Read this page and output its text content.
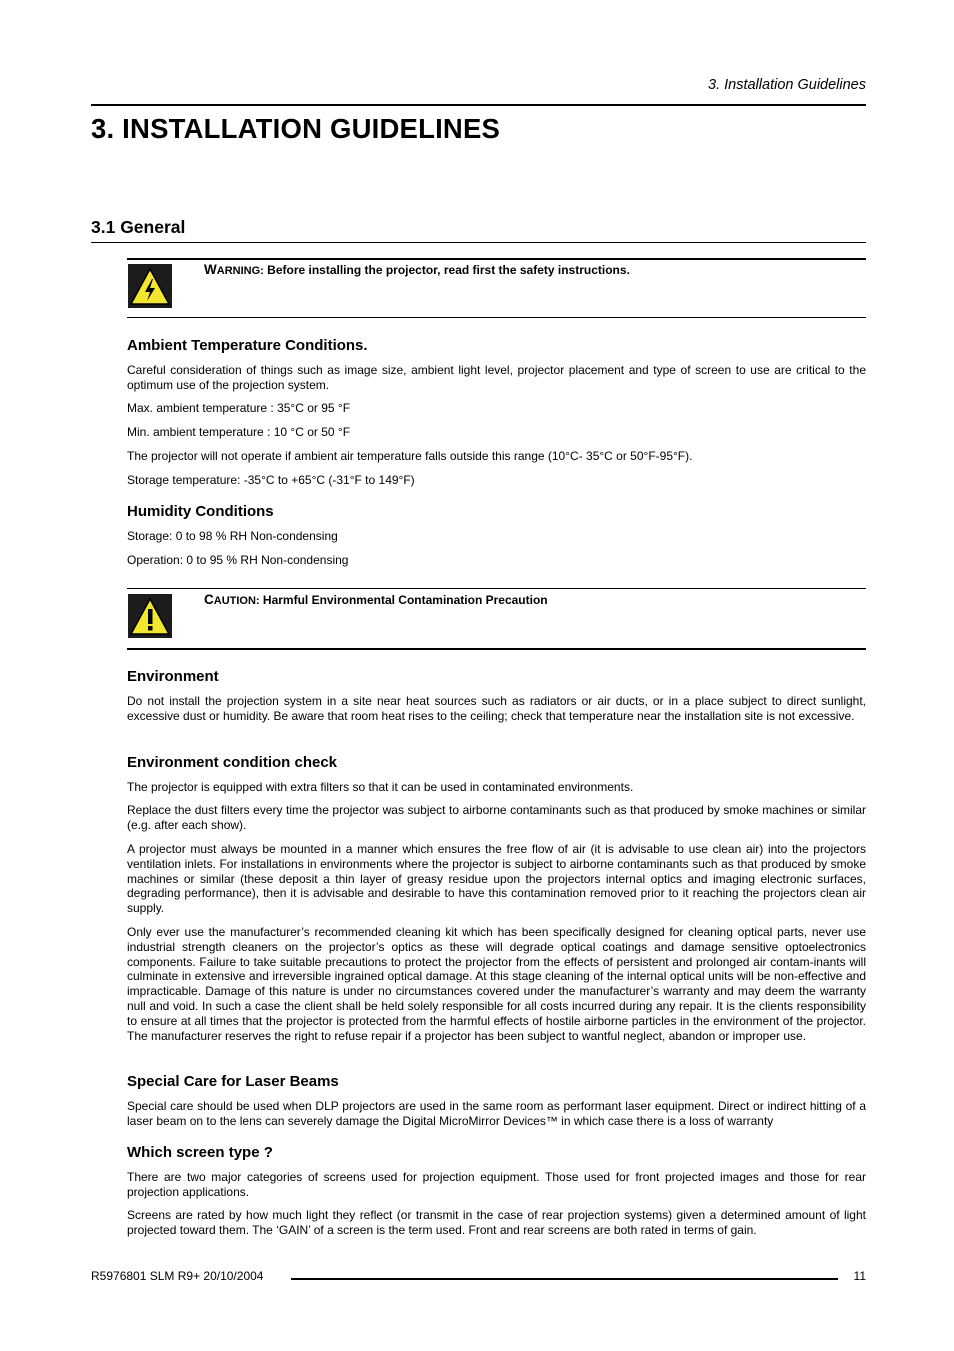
3. Installation Guidelines
3. INSTALLATION GUIDELINES
3.1 General
WARNING: Before installing the projector, read first the safety instructions.
Ambient Temperature Conditions.

Careful consideration of things such as image size, ambient light level, projector placement and type of screen to use are critical to the optimum use of the projection system.

Max. ambient temperature : 35°C or 95 °F

Min. ambient temperature : 10 °C or 50 °F

The projector will not operate if ambient air temperature falls outside this range (10°C- 35°C or 50°F-95°F).

Storage temperature: -35°C to +65°C (-31°F to 149°F)

Humidity Conditions

Storage: 0 to 98 % RH Non-condensing

Operation: 0 to 95 % RH Non-condensing

CAUTION: Harmful Environmental Contamination Precaution
Environment

Do not install the projection system in a site near heat sources such as radiators or air ducts, or in a place subject to direct sunlight, excessive dust or humidity. Be aware that room heat rises to the ceiling; check that temperature near the installation site is not excessive.

Environment condition check

The projector is equipped with extra filters so that it can be used in contaminated environments.

Replace the dust filters every time the projector was subject to airborne contaminants such as that produced by smoke machines or similar (e.g. after each show).

A projector must always be mounted in a manner which ensures the free flow of air (it is advisable to use clean air) into the projectors ventilation inlets. For installations in environments where the projector is subject to airborne contaminants such as that produced by smoke machines or similar (these deposit a thin layer of greasy residue upon the projectors internal optics and imaging electronic surfaces, degrading performance), then it is advisable and desirable to have this contamination removed prior to it reaching the projectors clean air supply.

Only ever use the manufacturer’s recommended cleaning kit which has been specifically designed for cleaning optical parts, never use industrial strength cleaners on the projector’s optics as these will degrade optical coatings and damage sensitive optoelectronics components. Failure to take suitable precautions to protect the projector from the effects of persistent and prolonged air contam-inants will culminate in extensive and irreversible ingrained optical damage. At this stage cleaning of the internal optical units will be non-effective and impracticable. Damage of this nature is under no circumstances covered under the manufacturer’s warranty and may deem the warranty null and void. In such a case the client shall be held solely responsible for all costs incurred during any repair. It is the clients responsibility to ensure at all times that the projector is protected from the harmful effects of hostile airborne particles in the environment of the projector. The manufacturer reserves the right to refuse repair if a projector has been subject to wantful neglect, abandon or improper use.

Special Care for Laser Beams

Special care should be used when DLP projectors are used in the same room as performant laser equipment. Direct or indirect hitting of a laser beam on to the lens can severely damage the Digital MicroMirror Devices™ in which case there is a loss of warranty

Which screen type ?

There are two major categories of screens used for projection equipment. Those used for front projected images and those for rear projection applications.

Screens are rated by how much light they reflect (or transmit in the case of rear projection systems) given a determined amount of light projected toward them. The ‘GAIN’ of a screen is the term used. Front and rear screens are both rated in terms of gain.

R5976801 SLM R9+ 20/10/2004	11
